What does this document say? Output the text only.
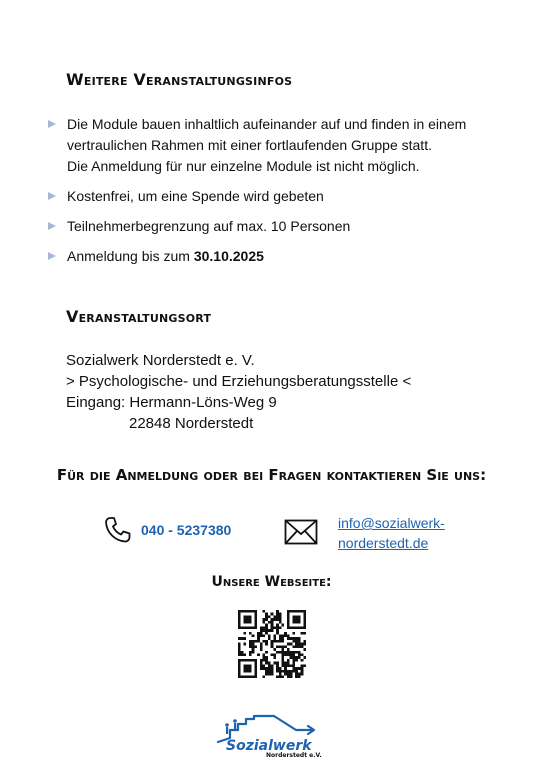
Weitere Veranstaltungsinfos
Die Module bauen inhaltlich aufeinander auf und finden in einem
vertraulichen Rahmen mit einer fortlaufenden Gruppe statt.
Die Anmeldung für nur einzelne Module ist nicht möglich.
Kostenfrei, um eine Spende wird gebeten
Teilnehmerbegrenzung auf max. 10 Personen
Anmeldung bis zum 30.10.2025
Veranstaltungsort
Sozialwerk Norderstedt e. V.
> Psychologische- und Erziehungsberatungsstelle <
Eingang: Hermann-Löns-Weg 9
22848 Norderstedt
Für die Anmeldung oder bei Fragen kontaktieren Sie uns:
040 - 5237380	info@sozialwerk-
norderstedt.de
Unsere Webseite:
Sozialwerk
Norderstedt e.V.
